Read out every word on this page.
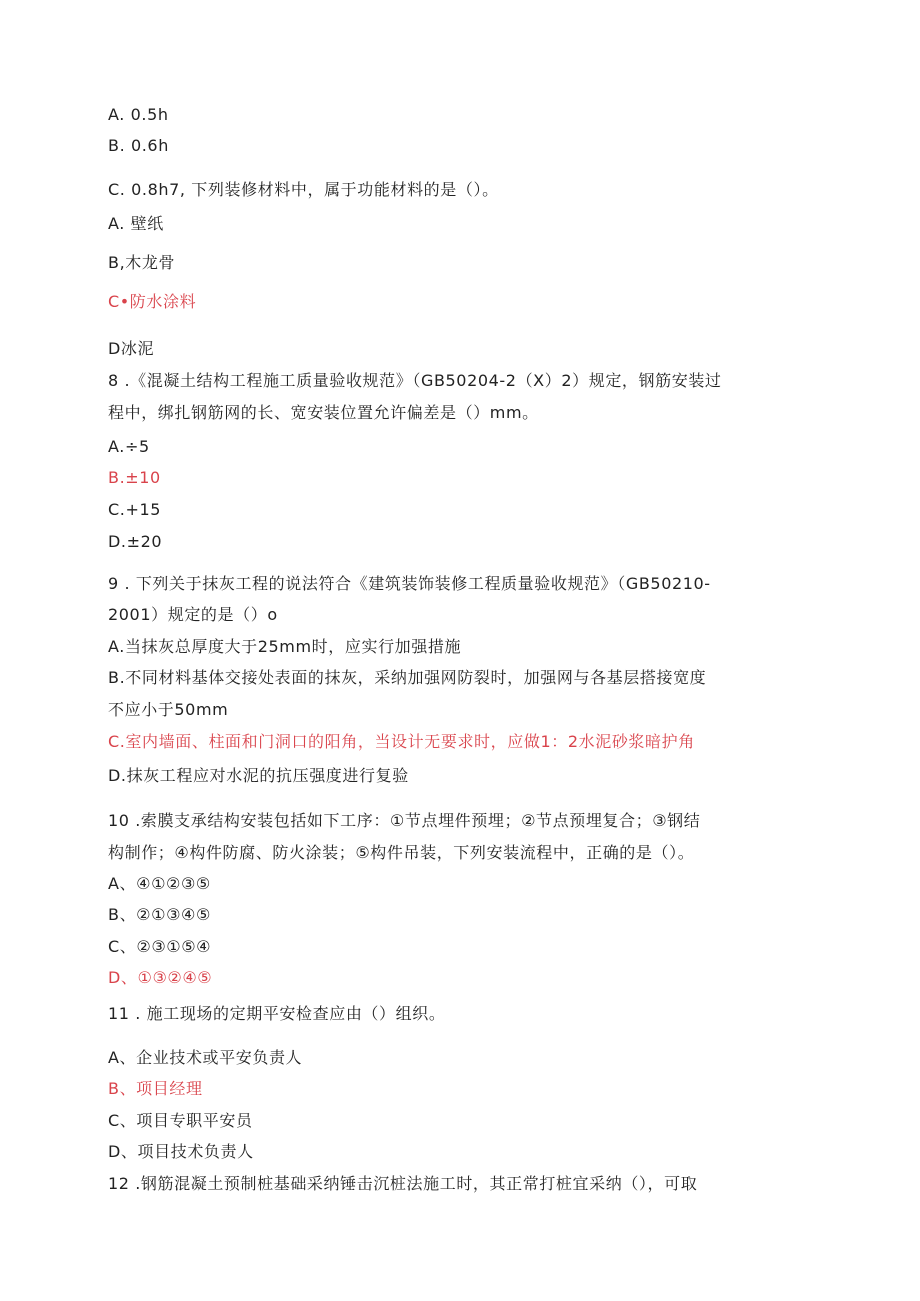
A. 0.5h
B. 0.6h
C. 0.8h7, 下列装修材料中，属于功能材料的是（）。
A. 壁纸
B,木龙骨
C•防水涂料
D冰泥
8 .《混凝土结构工程施工质量验收规范》（GB50204-2（X）2）规定，钢筋安装过
程中，绑扎钢筋网的长、宽安装位置允许偏差是（）mm。
A.÷5
B.±10
C.+15
D.±20
9 . 下列关于抹灰工程的说法符合《建筑装饰装修工程质量验收规范》（GB50210-
2001）规定的是（）o
A.当抹灰总厚度大于25mm时，应实行加强措施
B.不同材料基体交接处表面的抹灰，采纳加强网防裂时，加强网与各基层搭接宽度
不应小于50mm
C.室内墙面、柱面和门洞口的阳角，当设计无要求时，应做1：2水泥砂浆暗护角
D.抹灰工程应对水泥的抗压强度进行复验
10 .索膜支承结构安装包括如下工序：①节点埋件预埋；②节点预埋复合；③钢结
构制作；④构件防腐、防火涂装；⑤构件吊装，下列安装流程中，正确的是（）。
A、④①②③⑤
B、②①③④⑤
C、②③①⑤④
D、①③②④⑤
11 . 施工现场的定期平安检查应由（）组织。
A、企业技术或平安负责人
B、项目经理
C、项目专职平安员
D、项目技术负责人
12 .钢筋混凝土预制桩基础采纳锤击沉桩法施工时，其正常打桩宜采纳（），可取
